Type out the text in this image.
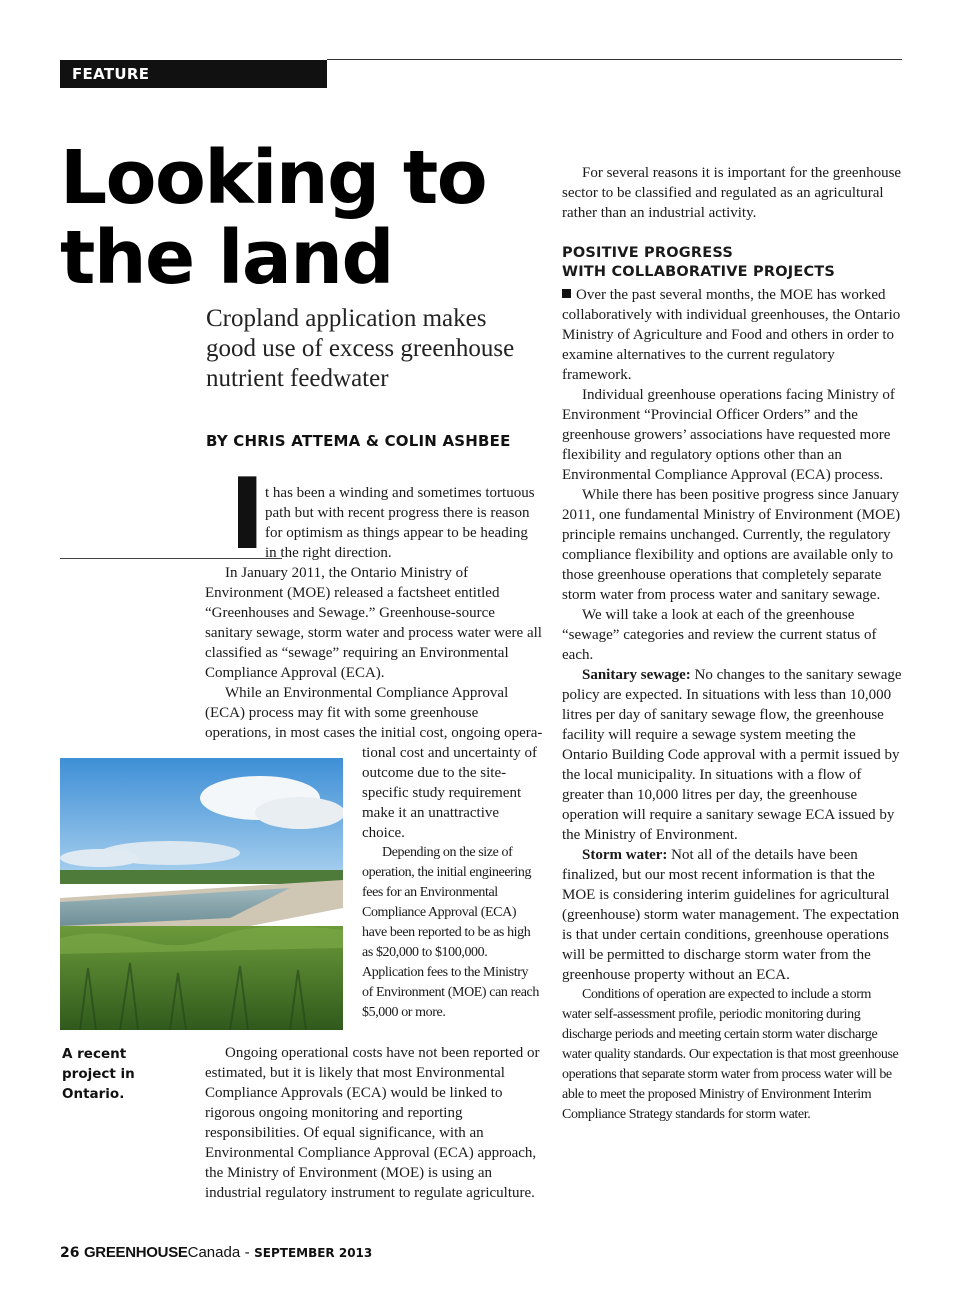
FEATURE
Looking to the land
Cropland application makes good use of excess greenhouse nutrient feedwater
BY CHRIS ATTEMA & COLIN ASHBEE
I t has been a winding and sometimes tortuous path but with recent progress there is reason for optimism as things appear to be heading in the right direction.

In January 2011, the Ontario Ministry of Environment (MOE) released a factsheet entitled “Greenhouses and Sewage.” Greenhouse-source sanitary sewage, storm water and process water were all classified as “sewage” requiring an Environmental Compliance Approval (ECA).

While an Environmental Compliance Approval (ECA) process may fit with some greenhouse operations, in most cases the initial cost, ongoing opera-

tional cost and uncertainty of outcome due to the site-specific study requirement make it an unattractive choice.

Depending on the size of operation, the initial engineering fees for an Environmental Compliance Approval (ECA) have been reported to be as high as $20,000 to $100,000. Application fees to the Ministry of Environment (MOE) can reach $5,000 or more.

Ongoing operational costs have not been reported or estimated, but it is likely that most Environmental Compliance Approvals (ECA) would be linked to rigorous ongoing monitoring and reporting responsibilities. Of equal significance, with an Environmental Compliance Approval (ECA) approach, the Ministry of Environment (MOE) is using an industrial regulatory instrument to regulate agriculture.

A recent project in Ontario.

For several reasons it is important for the greenhouse sector to be classified and regulated as an agricultural rather than an industrial activity.

POSITIVE PROGRESS
WITH COLLABORATIVE PROJECTS

Over the past several months, the MOE has worked collaboratively with individual greenhouses, the Ontario Ministry of Agriculture and Food and others in order to examine alternatives to the current regulatory framework.

Individual greenhouse operations facing Ministry of Environment “Provincial Officer Orders” and the greenhouse growers’ associations have requested more flexibility and regulatory options other than an Environmental Compliance Approval (ECA) process.

While there has been positive progress since January 2011, one fundamental Ministry of Environment (MOE) principle remains unchanged. Currently, the regulatory compliance flexibility and options are available only to those greenhouse operations that completely separate storm water from process water and sanitary sewage.

We will take a look at each of the greenhouse “sewage” categories and review the current status of each.

Sanitary sewage: No changes to the sanitary sewage policy are expected. In situations with less than 10,000 litres per day of sanitary sewage flow, the greenhouse facility will require a sewage system meeting the Ontario Building Code approval with a permit issued by the local municipality. In situations with a flow of greater than 10,000 litres per day, the greenhouse operation will require a sanitary sewage ECA issued by the Ministry of Environment.

Storm water: Not all of the details have been finalized, but our most recent information is that the MOE is considering interim guidelines for agricultural (greenhouse) storm water management. The expectation is that under certain conditions, greenhouse operations will be permitted to discharge storm water from the greenhouse property without an ECA.

Conditions of operation are expected to include a storm water self-assessment profile, periodic monitoring during discharge periods and meeting certain storm water discharge water quality standards. Our expectation is that most greenhouse operations that separate storm water from process water will be able to meet the proposed Ministry of Environment Interim Compliance Strategy standards for storm water.

26 GREENHOUSECanada - SEPTEMBER 2013
